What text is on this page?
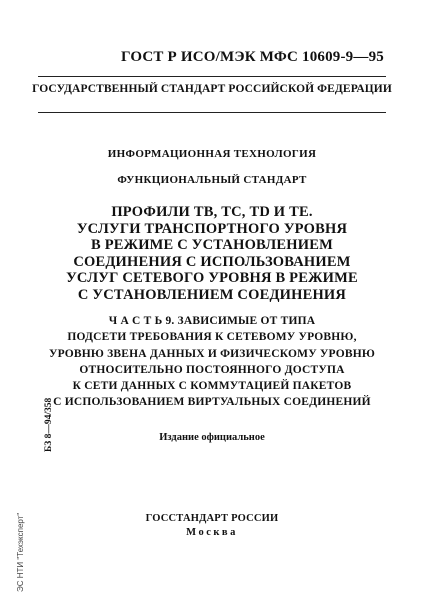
ГОСТ Р ИСО/МЭК МФС 10609-9—95
ГОСУДАРСТВЕННЫЙ СТАНДАРТ РОССИЙСКОЙ ФЕДЕРАЦИИ
ИНФОРМАЦИОННАЯ ТЕХНОЛОГИЯ
ФУНКЦИОНАЛЬНЫЙ СТАНДАРТ
ПРОФИЛИ ТВ, ТС, TD И ТЕ.
УСЛУГИ ТРАНСПОРТНОГО УРОВНЯ
В РЕЖИМЕ С УСТАНОВЛЕНИЕМ
СОЕДИНЕНИЯ С ИСПОЛЬЗОВАНИЕМ
УСЛУГ СЕТЕВОГО УРОВНЯ В РЕЖИМЕ
С УСТАНОВЛЕНИЕМ СОЕДИНЕНИЯ
Ч А С Т Ь 9. ЗАВИСИМЫЕ ОТ ТИПА
ПОДСЕТИ ТРЕБОВАНИЯ К СЕТЕВОМУ УРОВНЮ,
УРОВНЮ ЗВЕНА ДАННЫХ И ФИЗИЧЕСКОМУ УРОВНЮ
ОТНОСИТЕЛЬНО ПОСТОЯННОГО ДОСТУПА
К СЕТИ ДАННЫХ С КОММУТАЦИЕЙ ПАКЕТОВ
С ИСПОЛЬЗОВАНИЕМ ВИРТУАЛЬНЫХ СОЕДИНЕНИЙ
БЗ 8—94/358	Издание официальное
ГОССТАНДАРТ РОССИИ
Москва
ЭС НТИ "Техэксперт"
